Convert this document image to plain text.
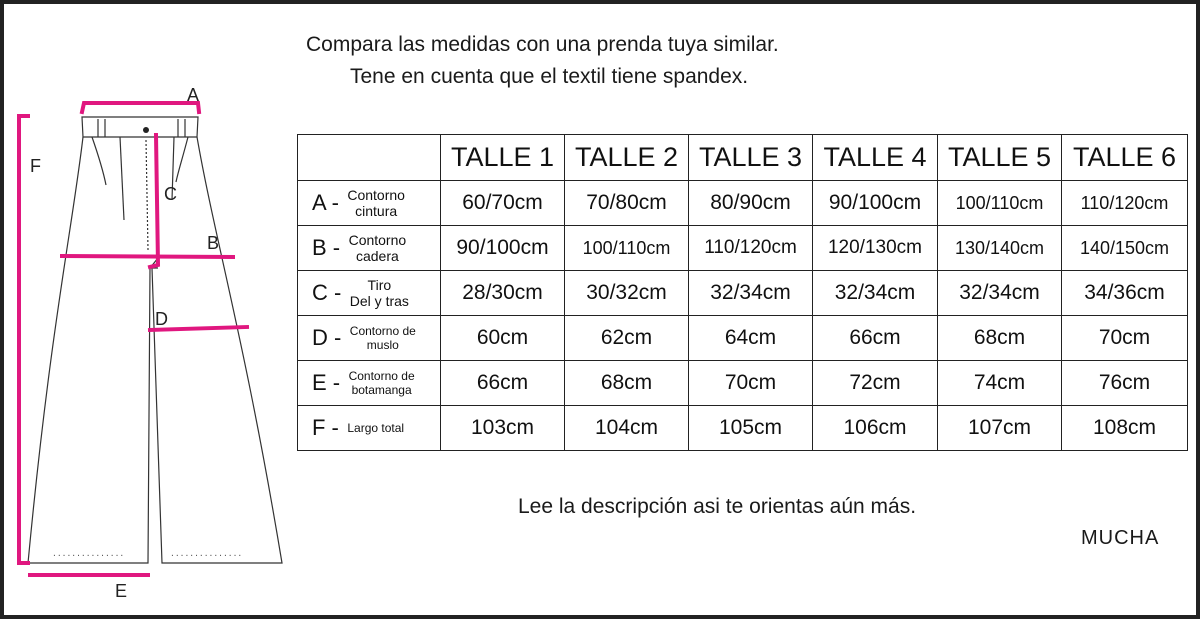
...............	...............
A
F
C
B
D
E
Compara las medidas con una prenda tuya similar.
Tene en cuenta que el textil tiene spandex.
	TALLE 1	TALLE 2	TALLE 3	TALLE 4	TALLE 5	TALLE 6
A - Contorno
cintura	60/70cm	70/80cm	80/90cm	90/100cm	100/110cm	110/120cm
B - Contorno
cadera	90/100cm	100/110cm	110/120cm	120/130cm	130/140cm	140/150cm
C - Tiro
Del y tras	28/30cm	30/32cm	32/34cm	32/34cm	32/34cm	34/36cm
D - Contorno de
muslo	60cm	62cm	64cm	66cm	68cm	70cm
E - Contorno de
botamanga	66cm	68cm	70cm	72cm	74cm	76cm
F - Largo total	103cm	104cm	105cm	106cm	107cm	108cm
Lee la descripción asi te orientas aún más.
MUCHA
